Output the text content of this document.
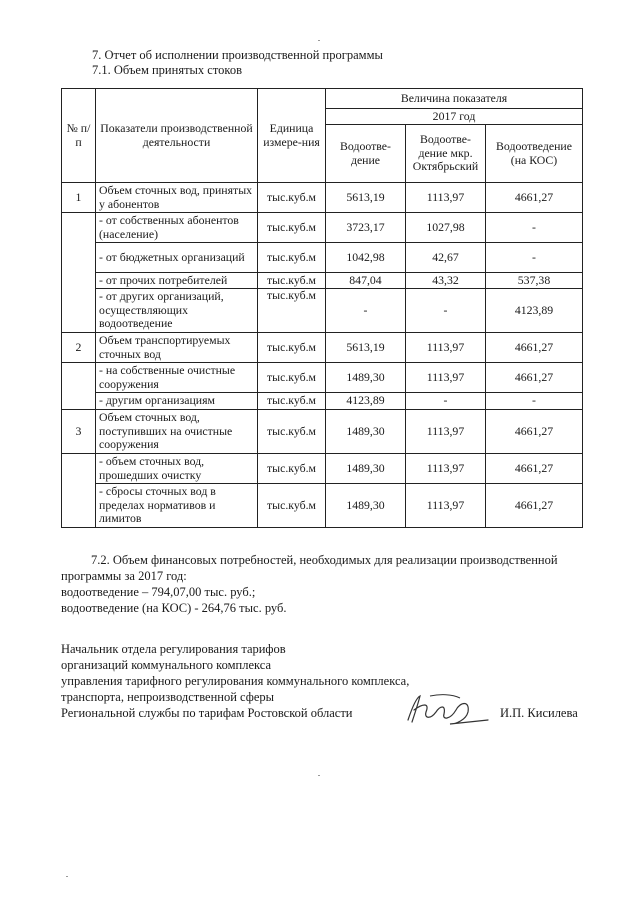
7. Отчет об исполнении производственной программы
7.1. Объем принятых стоков
№ п/п	Показатели производственной деятельности	Единица измере-ния	Величина показателя		
			2017 год		
			Водоотве-дение	Водоотве-дение мкр. Октябрьский	Водоотведение (на КОС)
1	Объем сточных вод, принятых у абонентов	тыс.куб.м	5613,19	1113,97	4661,27
	- от собственных абонентов (население)	тыс.куб.м	3723,17	1027,98	-
	- от бюджетных организаций	тыс.куб.м	1042,98	42,67	-
	- от прочих потребителей	тыс.куб.м	847,04	43,32	537,38
	- от других организаций, осуществляющих водоотведение	тыс.куб.м	-	-	4123,89
2	Объем транспортируемых сточных вод	тыс.куб.м	5613,19	1113,97	4661,27
	- на собственные очистные сооружения	тыс.куб.м	1489,30	1113,97	4661,27
	- другим организациям	тыс.куб.м	4123,89	-	-
3	Объем сточных вод, поступивших на очистные сооружения	тыс.куб.м	1489,30	1113,97	4661,27
	- объем сточных вод, прошедших очистку	тыс.куб.м	1489,30	1113,97	4661,27
	- сбросы сточных вод в пределах нормативов и лимитов	тыс.куб.м	1489,30	1113,97	4661,27
7.2. Объем финансовых потребностей, необходимых для реализации производственной программы за 2017 год:
водоотведение – 794,07,00 тыс. руб.;
водоотведение (на КОС) - 264,76 тыс. руб.
Начальник отдела регулирования тарифов
организаций коммунального комплекса
управления тарифного регулирования коммунального комплекса,
транспорта, непроизводственной сферы
Региональной службы по тарифам Ростовской области	И.П. Кисилева
